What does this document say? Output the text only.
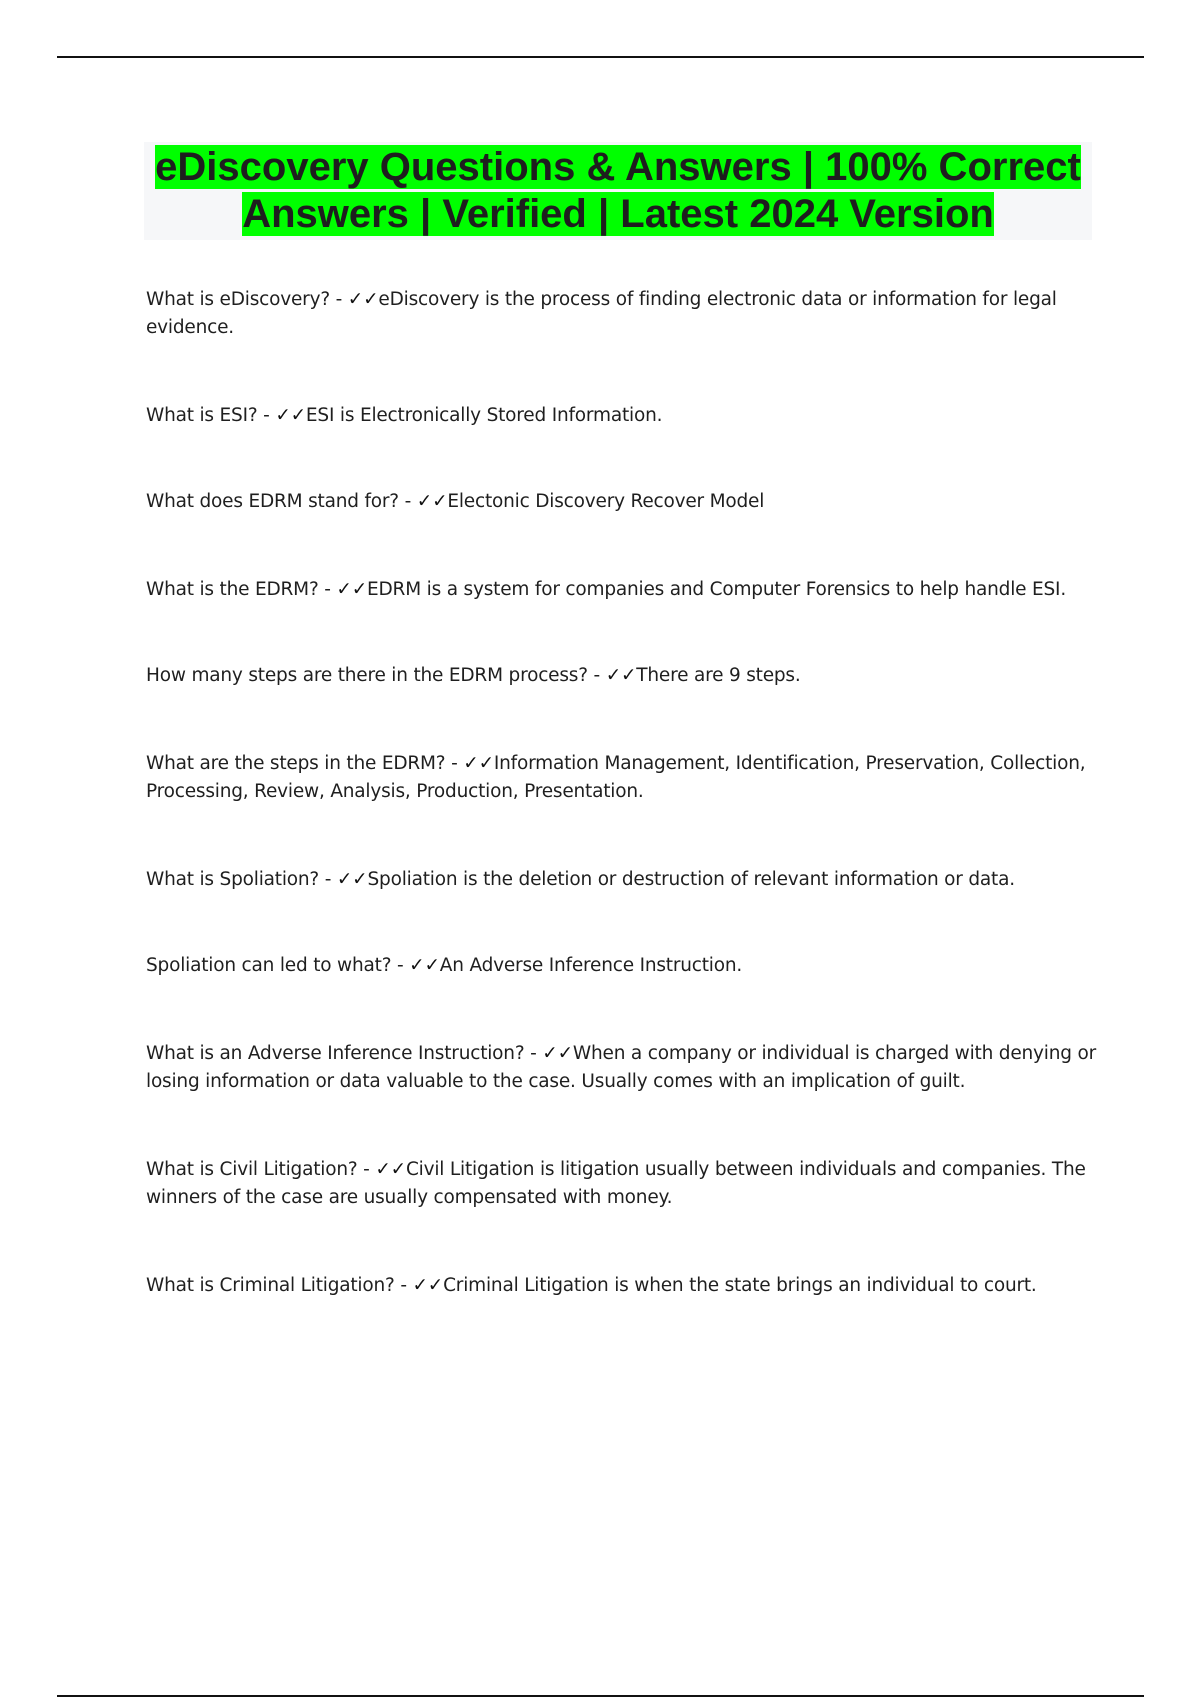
eDiscovery Questions & Answers | 100% Correct Answers | Verified | Latest 2024 Version
What is eDiscovery? - ✓✓eDiscovery is the process of finding electronic data or information for legal evidence.
What is ESI? - ✓✓ESI is Electronically Stored Information.
What does EDRM stand for? - ✓✓Electonic Discovery Recover Model
What is the EDRM? - ✓✓EDRM is a system for companies and Computer Forensics to help handle ESI.
How many steps are there in the EDRM process? - ✓✓There are 9 steps.
What are the steps in the EDRM? - ✓✓Information Management, Identification, Preservation, Collection, Processing, Review, Analysis, Production, Presentation.
What is Spoliation? - ✓✓Spoliation is the deletion or destruction of relevant information or data.
Spoliation can led to what? - ✓✓An Adverse Inference Instruction.
What is an Adverse Inference Instruction? - ✓✓When a company or individual is charged with denying or losing information or data valuable to the case. Usually comes with an implication of guilt.
What is Civil Litigation? - ✓✓Civil Litigation is litigation usually between individuals and companies. The winners of the case are usually compensated with money.
What is Criminal Litigation? - ✓✓Criminal Litigation is when the state brings an individual to court.
